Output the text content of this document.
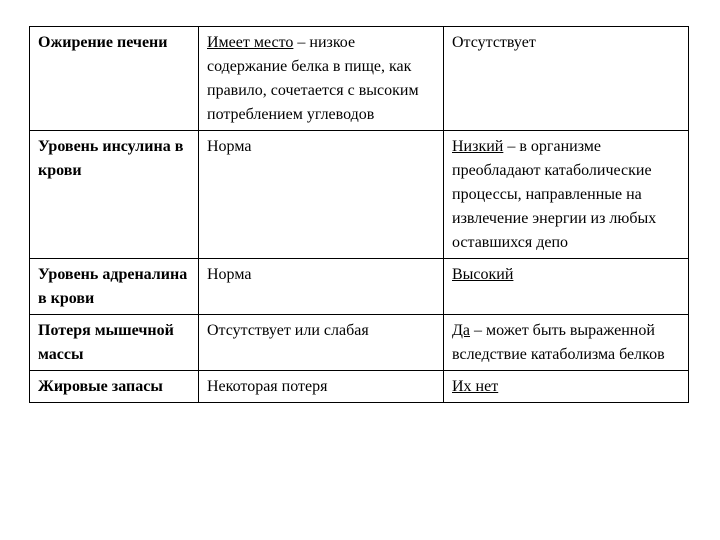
Ожирение печени	Имеет место – низкое содержание белка в пище, как правило, сочетается с высоким потреблением углеводов	Отсутствует
Уровень инсулина в крови	Норма	Низкий – в организме преобладают катаболические процессы, направленные на извлечение энергии из любых оставшихся депо
Уровень адреналина в крови	Норма	Высокий
Потеря мышечной массы	Отсутствует или слабая	Да – может быть выраженной вследствие катаболизма белков
Жировые запасы	Некоторая потеря	Их нет
